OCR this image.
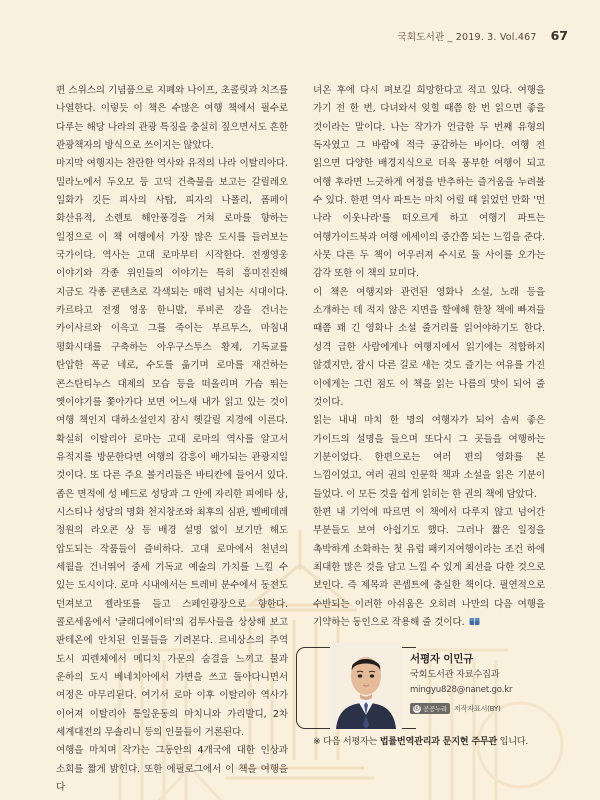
국회도서관 _ 2019. 3. Vol.467 67

편 스위스의 기념품으로 지폐와 나이프, 초콜릿과 치즈를 나열한다. 이렇듯 이 책은 수많은 여행 책에서 필수로 다루는 해당 나라의 관광 특징을 충실히 짚으면서도 흔한 관광책자의 방식으로 쓰이지는 않았다.

마지막 여행지는 찬란한 역사와 유적의 나라 이탈리아다. 밀라노에서 두오모 등 고딕 건축물을 보고는 갈릴레오 일화가 깃든 피사의 사탑, 피자의 나폴리, 폼페이 화산유적, 소렌토 해안풍경을 거쳐 로마를 향하는 일정으로 이 책 여행에서 가장 많은 도시를 들러보는 국가이다. 역사는 고대 로마부터 시작한다. 전쟁영웅 이야기와 각종 위인들의 이야기는 특히 흥미진진해 지금도 각종 콘텐츠로 각색되는 매력 넘치는 시대이다. 카르타고 전쟁 영웅 한니발, 루비콘 강을 건너는 카이사르와 이윽고 그를 죽이는 부르투스, 마침내 평화시대를 구축하는 아우구스투스 황제, 기독교를 탄압한 폭군 네로, 수도를 옮기며 로마를 재건하는 콘스탄티누스 대제의 모습 등을 떠올리며 가슴 뛰는 옛이야기를 쫓아가다 보면 어느새 내가 읽고 있는 것이 여행 책인지 대하소설인지 잠시 헷갈릴 지경에 이른다. 확실히 이탈리아 로마는 고대 로마의 역사를 알고서 유적지를 방문한다면 여행의 감흥이 배가되는 관광지일 것이다. 또 다른 주요 볼거리들은 바티칸에 들어서 있다. 좁은 면적에 성 베드로 성당과 그 안에 자리한 피에타 상, 시스티나 성당의 명화 천지창조와 최후의 심판, 벨베데레 정원의 라오콘 상 등 배경 설명 없이 보기만 해도 압도되는 작품들이 즐비하다. 고대 로마에서 천년의 세월을 건너뛰어 중세 기독교 예술의 가치를 느낄 수 있는 도시이다. 로마 시내에서는 트레비 분수에서 동전도 던져보고 젤라또를 들고 스페인광장으로 향한다. 콜로세움에서 '글래디에이터'의 검투사들을 상상해 보고 판테온에 안치된 인물들을 기려본다. 르네상스의 주역 도시 피렌체에서 메디치 가문의 숨결을 느끼고 물과 운하의 도시 베네치아에서 가면을 쓰고 돌아다니면서 여정은 마무리된다. 여기서 로마 이후 이탈리아 역사가 이어져 이탈리아 통일운동의 마치니와 가리발디, 2차 세계대전의 무솔리니 등의 인물들이 거론된다.

여행을 마치며 작가는 그동안의 4개국에 대한 인상과 소회를 짧게 밝힌다. 또한 에필로그에서 이 책을 여행을 다

녀온 후에 다시 펴보길 희망한다고 적고 있다. 여행을 가기 전 한 번, 다녀와서 잊힐 때쯤 한 번 읽으면 좋을 것이라는 말이다. 나는 작가가 언급한 두 번째 유형의 독자였고 그 바람에 적극 공감하는 바이다. 여행 전 읽으면 다양한 배경지식으로 더욱 풍부한 여행이 되고 여행 후라면 느긋하게 여정을 반추하는 즐거움을 누려볼 수 있다. 한편 역사 파트는 마치 어릴 때 읽었던 만화 '먼 나라 이웃나라'를 떠오르게 하고 여행기 파트는 여행가이드북과 여행 에세이의 중간쯤 되는 느낌을 준다. 사뭇 다른 두 책이 어우러져 수시로 둘 사이를 오가는 감각 또한 이 책의 묘미다.

이 책은 여행지와 관련된 영화나 소설, 노래 등을 소개하는 데 적지 않은 지면을 할애해 한창 책에 빠져들 때쯤 꽤 긴 영화나 소설 줄거리를 읽어야하기도 한다. 성격 급한 사람에게나 여행지에서 읽기에는 적합하지 않겠지만, 잠시 다른 길로 새는 것도 즐기는 여유를 가진 이에게는 그런 점도 이 책을 읽는 나름의 맛이 되어 줄 것이다.

읽는 내내 마치 한 명의 여행자가 되어 솜씨 좋은 가이드의 설명을 들으며 또다시 그 곳들을 여행하는 기분이었다. 한편으로는 여러 편의 영화를 본 느낌이었고, 여러 권의 인문학 책과 소설을 읽은 기분이 들었다. 이 모든 것을 쉽게 읽히는 한 권의 책에 담았다.

한편 내 기억에 따르면 이 책에서 다루지 않고 넘어간 부분들도 보여 아쉽기도 했다. 그러나 짧은 일정을 촉박하게 소화하는 첫 유럽 패키지여행이라는 조건 하에 최대한 많은 것을 담고 느낄 수 있게 최선을 다한 것으로 보인다. 즉 제목과 콘셉트에 충실한 책이다. 필연적으로 수반되는 이러한 아쉬움은 오히려 나만의 다음 여행을 기약하는 동인으로 작용해 줄 것이다.

서평자 이민규
국회도서관 자료수집과
mingyu828@nanet.go.kr
ⓒ 공공누리 저작자표시(BY)
※ 다음 서평자는 법률번역관리과 문지현 주무관 입니다.
